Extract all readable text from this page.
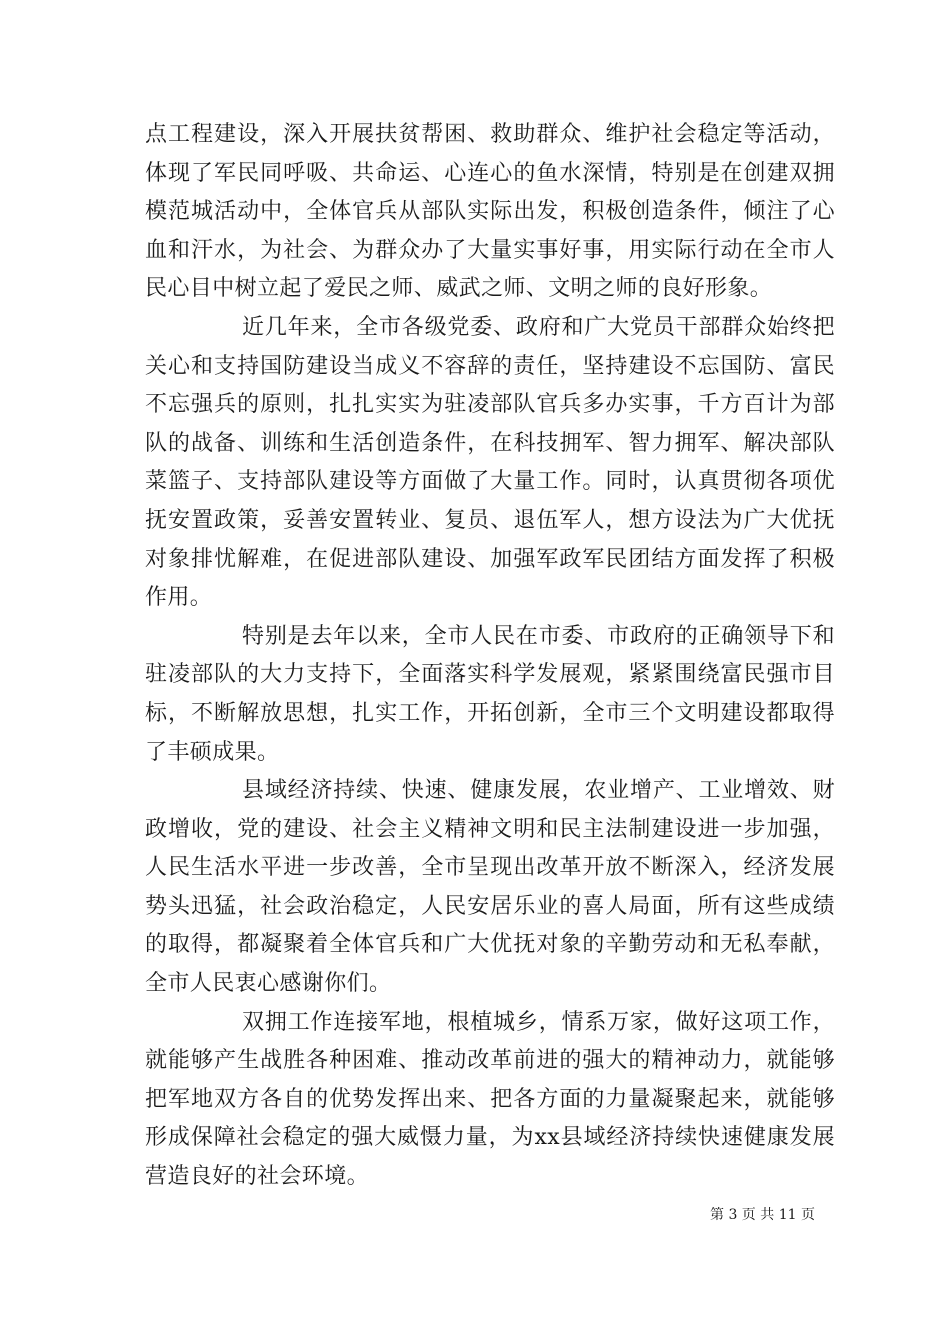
点工程建设，深入开展扶贫帮困、救助群众、维护社会稳定等活动，体现了军民同呼吸、共命运、心连心的鱼水深情，特别是在创建双拥模范城活动中，全体官兵从部队实际出发，积极创造条件，倾注了心血和汗水，为社会、为群众办了大量实事好事，用实际行动在全市人民心目中树立起了爱民之师、威武之师、文明之师的良好形象。

近几年来，全市各级党委、政府和广大党员干部群众始终把关心和支持国防建设当成义不容辞的责任，坚持建设不忘国防、富民不忘强兵的原则，扎扎实实为驻凌部队官兵多办实事，千方百计为部队的战备、训练和生活创造条件，在科技拥军、智力拥军、解决部队菜篮子、支持部队建设等方面做了大量工作。同时，认真贯彻各项优抚安置政策，妥善安置转业、复员、退伍军人，想方设法为广大优抚对象排忧解难，在促进部队建设、加强军政军民团结方面发挥了积极作用。

特别是去年以来，全市人民在市委、市政府的正确领导下和驻凌部队的大力支持下，全面落实科学发展观，紧紧围绕富民强市目标，不断解放思想，扎实工作，开拓创新，全市三个文明建设都取得了丰硕成果。

县域经济持续、快速、健康发展，农业增产、工业增效、财政增收，党的建设、社会主义精神文明和民主法制建设进一步加强，人民生活水平进一步改善，全市呈现出改革开放不断深入，经济发展势头迅猛，社会政治稳定，人民安居乐业的喜人局面，所有这些成绩的取得，都凝聚着全体官兵和广大优抚对象的辛勤劳动和无私奉献，全市人民衷心感谢你们。

双拥工作连接军地，根植城乡，情系万家，做好这项工作，就能够产生战胜各种困难、推动改革前进的强大的精神动力，就能够把军地双方各自的优势发挥出来、把各方面的力量凝聚起来，就能够形成保障社会稳定的强大威慑力量，为xx县域经济持续快速健康发展营造良好的社会环境。

第 3 页 共 11 页
